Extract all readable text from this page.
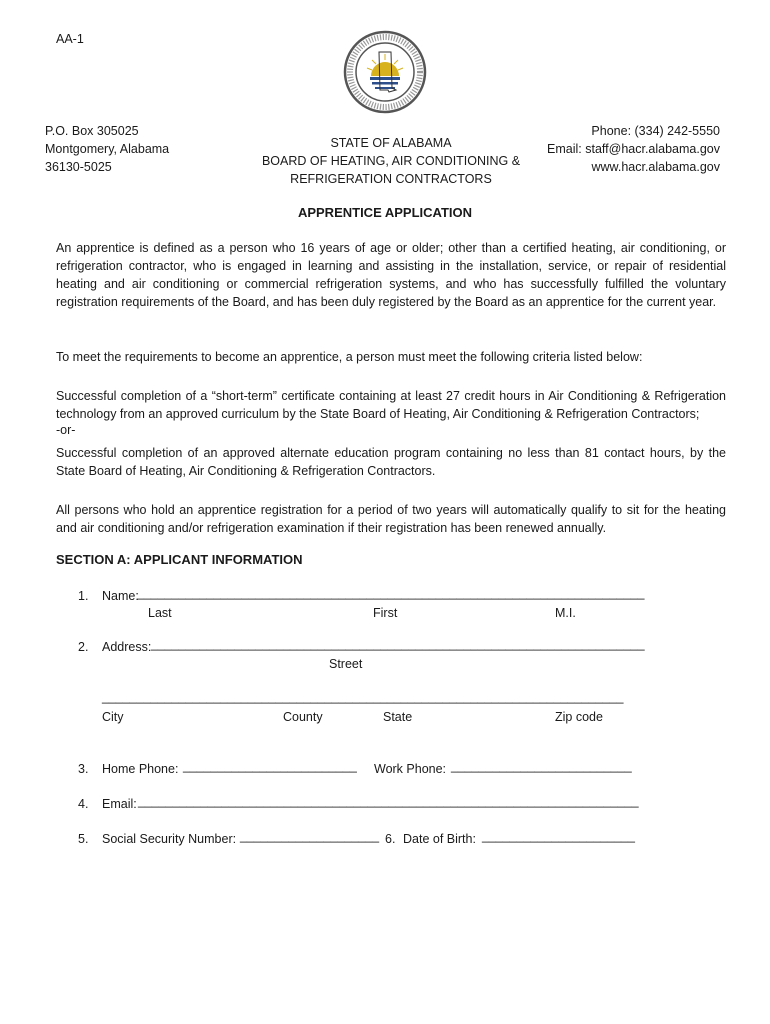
AA-1
P.O. Box 305025
Montgomery, Alabama
36130-5025
STATE OF ALABAMA
BOARD OF HEATING, AIR CONDITIONING &
REFRIGERATION CONTRACTORS
Phone: (334) 242-5550
Email: staff@hacr.alabama.gov
www.hacr.alabama.gov
APPRENTICE APPLICATION
An apprentice is defined as a person who 16 years of age or older; other than a certified heating, air conditioning, or refrigeration contractor, who is engaged in learning and assisting in the installation, service, or repair of residential heating and air conditioning or commercial refrigeration systems, and who has successfully fulfilled the voluntary registration requirements of the Board, and has been duly registered by the Board as an apprentice for the current year.
To meet the requirements to become an apprentice, a person must meet the following criteria listed below:
Successful completion of a “short-term” certificate containing at least 27 credit hours in Air Conditioning & Refrigeration technology from an approved curriculum by the State Board of Heating, Air Conditioning & Refrigeration Contractors;
-or-
Successful completion of an approved alternate education program containing no less than 81 contact hours, by the State Board of Heating, Air Conditioning & Refrigeration Contractors.
All persons who hold an apprentice registration for a period of two years will automatically qualify to sit for the heating and air conditioning and/or refrigeration examination if their registration has been renewed annually.
SECTION A: APPLICANT INFORMATION
1. Name:
_________________________________________________________________________
Last	First	M.I.
2. Address: _______________________________________________________________________
Street
___________________________________________________________________________
City	County	State	Zip code
3. Home Phone: _________________________ Work Phone: __________________________
4. Email: ________________________________________________________________________
5. Social Security Number: ____________________ 6. Date of Birth: ______________________
